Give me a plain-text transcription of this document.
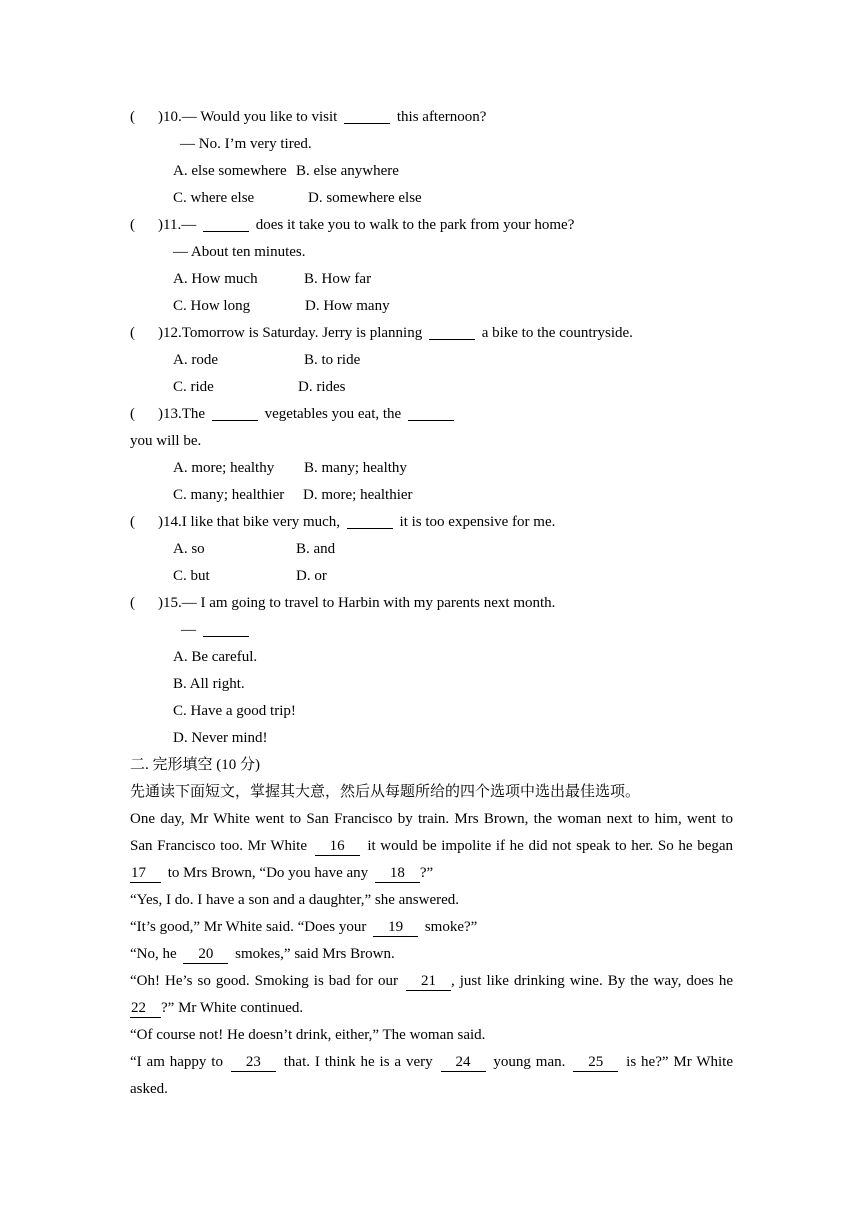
( )10.— Would you like to visit	this afternoon?
— No. I’m very tired.
A. else somewhere B. else anywhere
C. where else	D. somewhere else
( )11.—	does it take you to walk to the park from your home?
— About ten minutes.
A. How much	B. How far
C. How long	D. How many
( )12.Tomorrow is Saturday. Jerry is planning	a bike to the countryside.
A. rode	B. to ride
C. ride	D. rides
( )13.The	vegetables you eat, the
you will be.
A. more; healthy B. many; healthy
C. many; healthier D. more; healthier
( )14.I like that bike very much,	it is too expensive for me.
A. so	B. and
C. but	D. or
( )15.— I am going to travel to Harbin with my parents next month.
—
A. Be careful.
B. All right.
C. Have a good trip!
D. Never mind!
二. 完形填空 (10 分)
先通读下面短文，掌握其大意，然后从每题所给的四个选项中选出最佳选项。
One day, Mr White went to San Francisco by train. Mrs Brown, the woman next to him, went to
San Francisco too. Mr White 16 it would be impolite if he did not speak to her. So he began
17 to Mrs Brown, “Do you have any 18 ?”
“Yes, I do. I have a son and a daughter,” she answered.
“It’s good,” Mr White said. “Does your 19 smoke?”
“No, he 20 smokes,” said Mrs Brown.
“Oh! He’s so good. Smoking is bad for our 21 , just like drinking wine. By the way, does he
22 ?” Mr White continued.
“Of course not! He doesn’t drink, either,” The woman said.
“I am happy to 23 that. I think he is a very 24 young man. 25 is he?” Mr White
asked.
